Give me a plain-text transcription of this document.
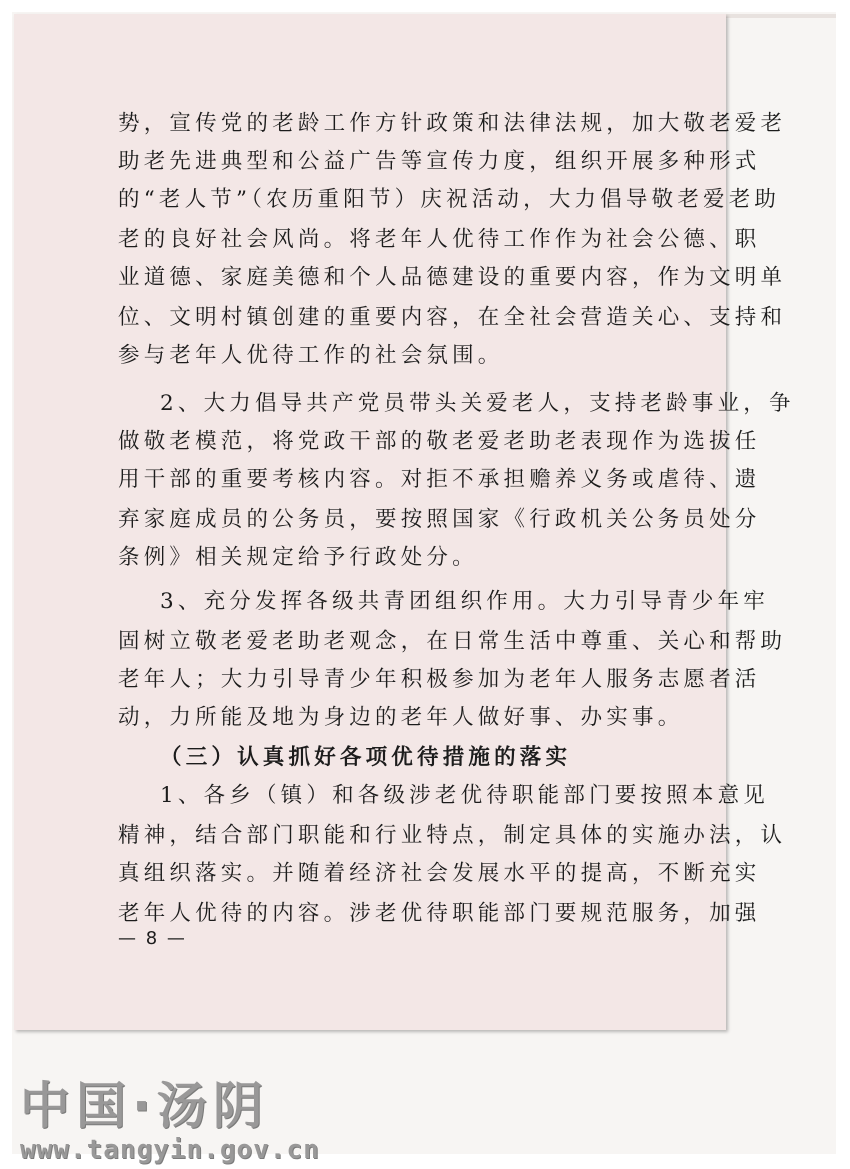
势，宣传党的老龄工作方针政策和法律法规，加大敬老爱老
助老先进典型和公益广告等宣传力度，组织开展多种形式
的“老人节”（农历重阳节）庆祝活动，大力倡导敬老爱老助
老的良好社会风尚。将老年人优待工作作为社会公德、职
业道德、家庭美德和个人品德建设的重要内容，作为文明单
位、文明村镇创建的重要内容，在全社会营造关心、支持和
参与老年人优待工作的社会氛围。
2、大力倡导共产党员带头关爱老人，支持老龄事业，争
做敬老模范，将党政干部的敬老爱老助老表现作为选拔任
用干部的重要考核内容。对拒不承担赡养义务或虐待、遗
弃家庭成员的公务员，要按照国家《行政机关公务员处分
条例》相关规定给予行政处分。
3、充分发挥各级共青团组织作用。大力引导青少年牢
固树立敬老爱老助老观念，在日常生活中尊重、关心和帮助
老年人；大力引导青少年积极参加为老年人服务志愿者活
动，力所能及地为身边的老年人做好事、办实事。
（三）认真抓好各项优待措施的落实
1、各乡（镇）和各级涉老优待职能部门要按照本意见
精神，结合部门职能和行业特点，制定具体的实施办法，认
真组织落实。并随着经济社会发展水平的提高，不断充实
老年人优待的内容。涉老优待职能部门要规范服务，加强
— 8 —
中国·汤阴
www.tangyin.gov.cn
